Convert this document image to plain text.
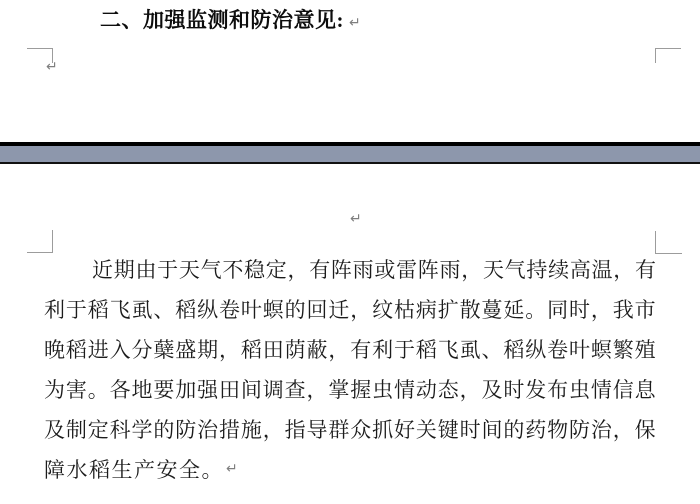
二、加强监测和防治意见: ↵
↵
↵
近 期 由 于 天 气 不 稳 定 ， 有 阵 雨 或 雷 阵 雨 ， 天 气 持 续 高 温 ， 有
利 于 稻 飞 虱 、 稻 纵 卷 叶 螟 的 回 迁 ， 纹 枯 病 扩 散 蔓 延 。 同 时 ， 我 市
晚 稻 进 入 分 蘖 盛 期 ， 稻 田 荫 蔽 ， 有 利 于 稻 飞 虱 、 稻 纵 卷 叶 螟 繁 殖
为 害 。 各 地 要 加 强 田 间 调 查 ， 掌 握 虫 情 动 态 ， 及 时 发 布 虫 情 信 息
及 制 定 科 学 的 防 治 措 施 ， 指 导 群 众 抓 好 关 键 时 间 的 药 物 防 治 ， 保
障 水 稻 生 产 安 全 。 ↵
